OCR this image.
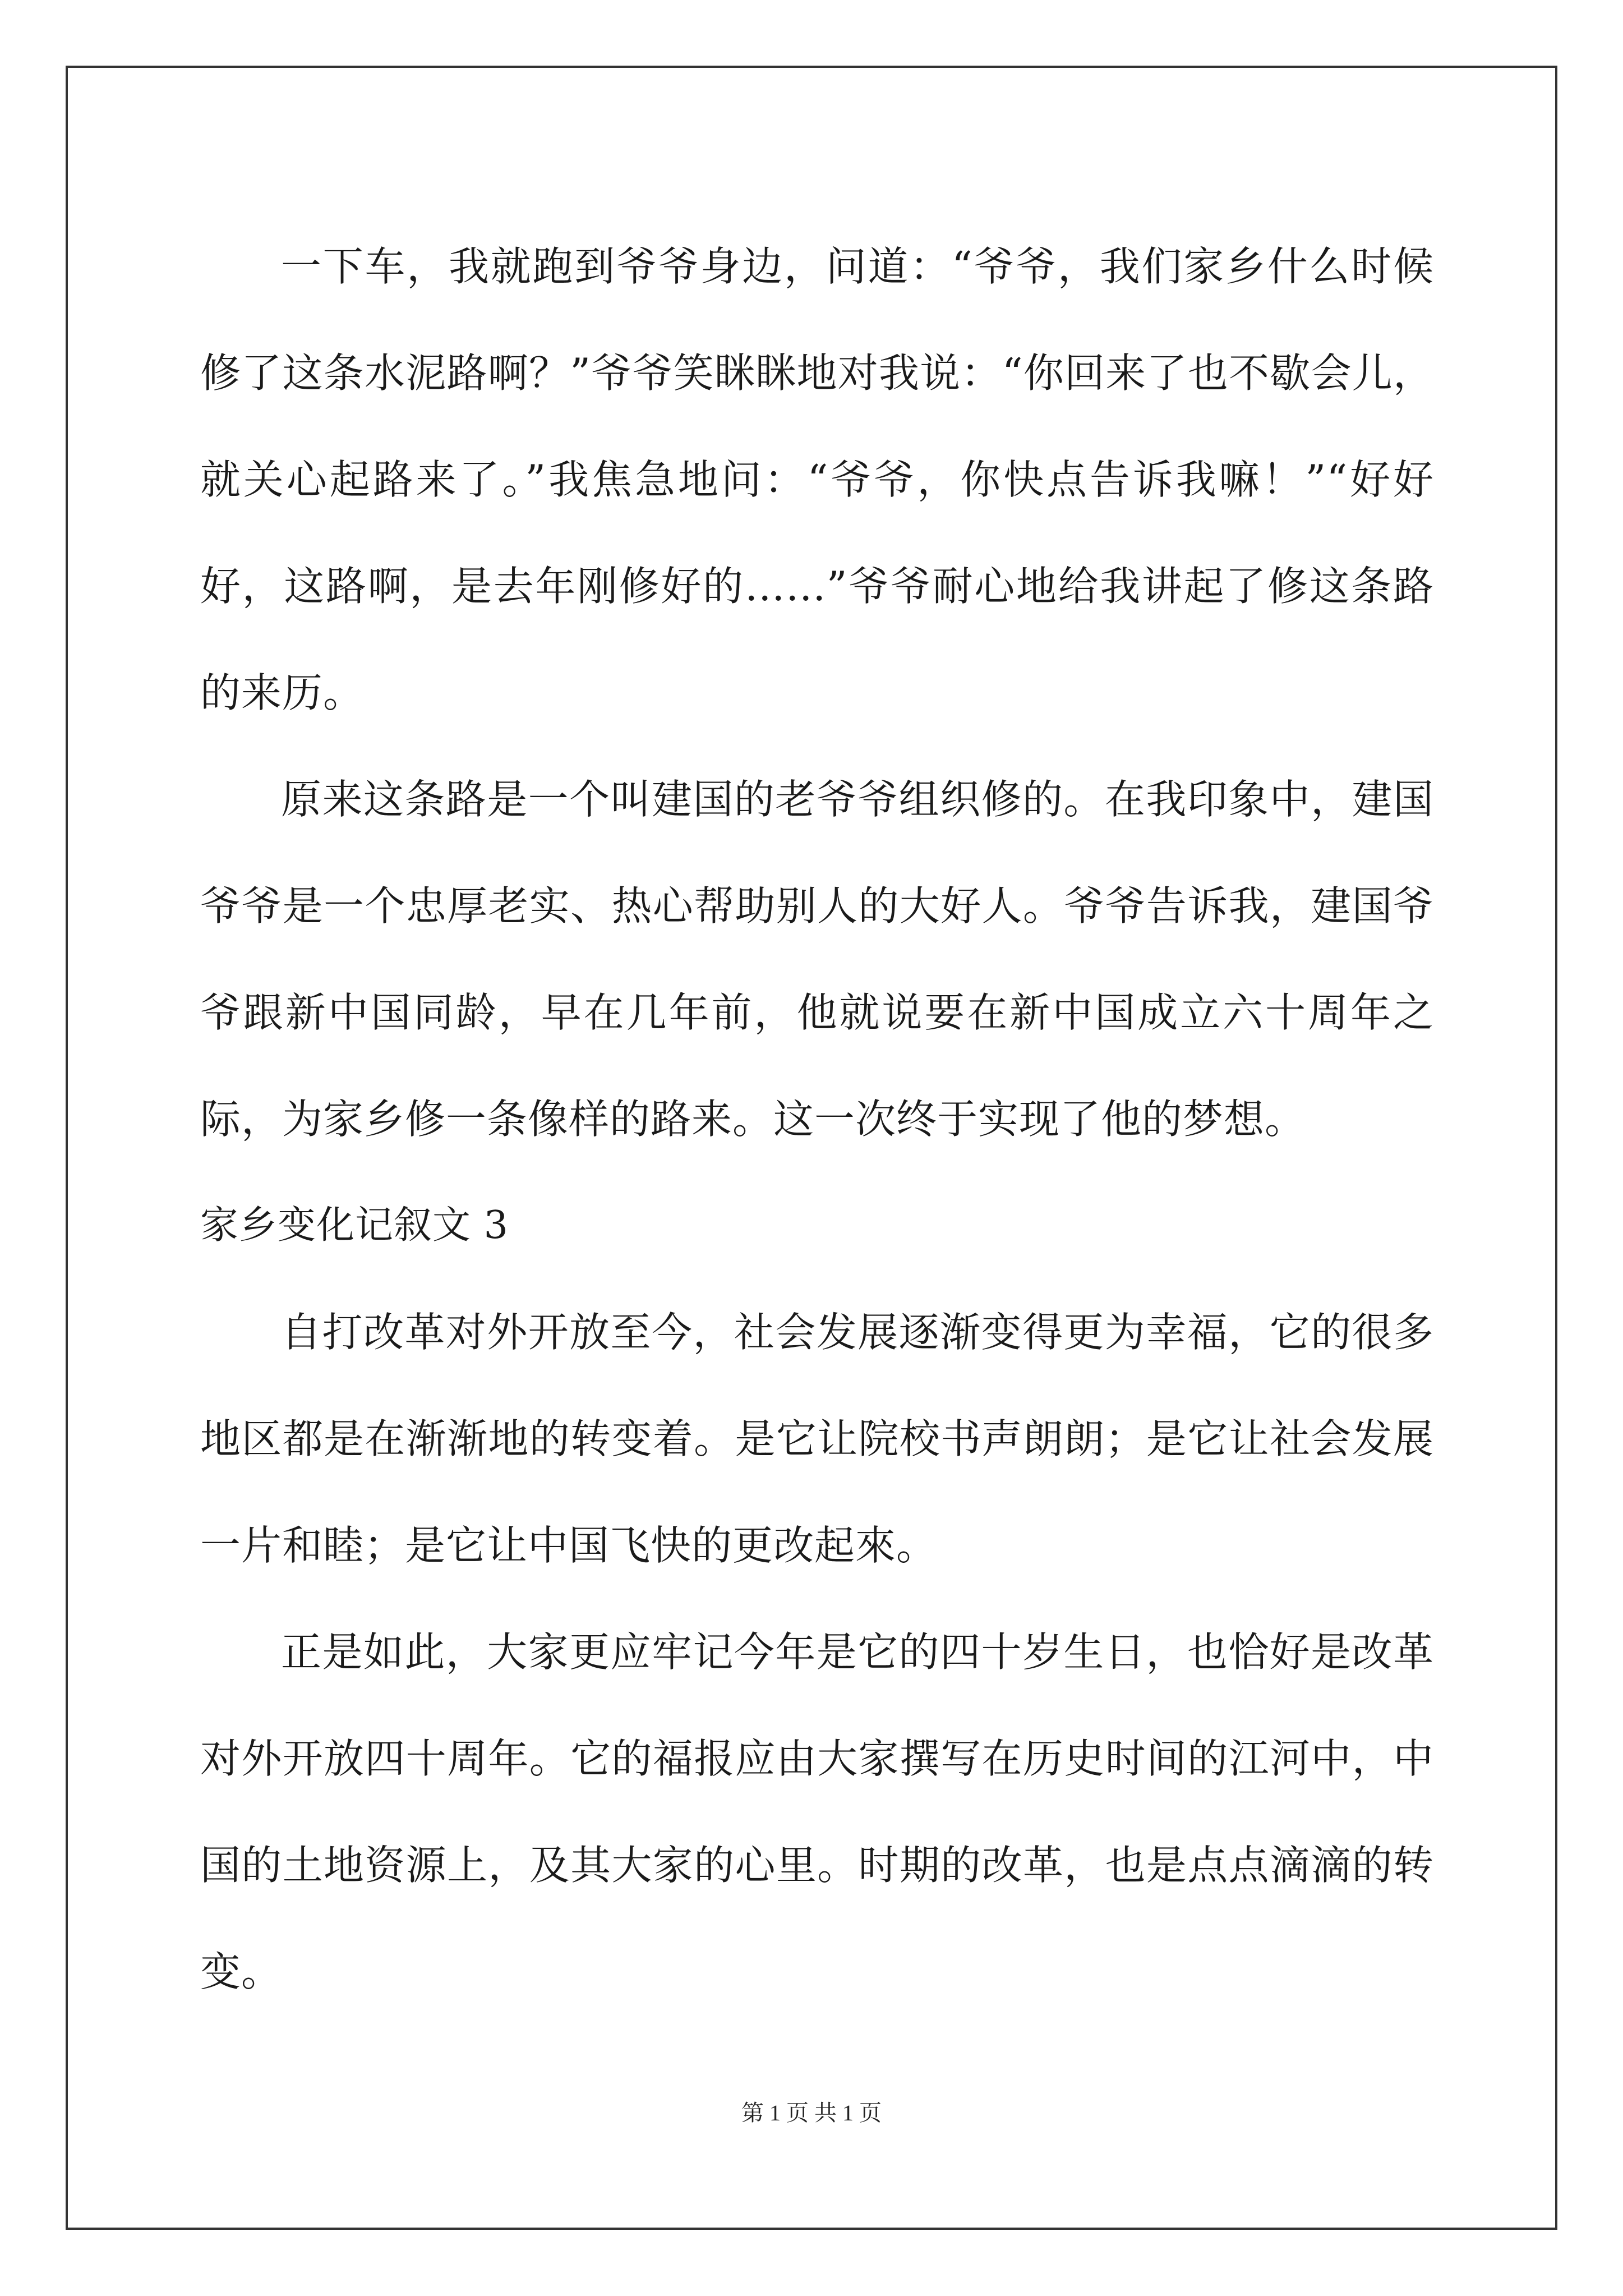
一下车，我就跑到爷爷身边，问道：“爷爷，我们家乡什么时候修了这条水泥路啊？”爷爷笑眯眯地对我说：“你回来了也不歇会儿，就关心起路来了。”我焦急地问：“爷爷，你快点告诉我嘛！”“好好好，这路啊，是去年刚修好的……”爷爷耐心地给我讲起了修这条路的来历。

原来这条路是一个叫建国的老爷爷组织修的。在我印象中，建国爷爷是一个忠厚老实、热心帮助别人的大好人。爷爷告诉我，建国爷爷跟新中国同龄，早在几年前，他就说要在新中国成立六十周年之际，为家乡修一条像样的路来。这一次终于实现了他的梦想。

家乡变化记叙文 3

自打改革对外开放至今，社会发展逐渐变得更为幸福，它的很多地区都是在渐渐地的转变着。是它让院校书声朗朗；是它让社会发展一片和睦；是它让中国飞快的更改起來。

正是如此，大家更应牢记今年是它的四十岁生日，也恰好是改革对外开放四十周年。它的福报应由大家撰写在历史时间的江河中，中国的土地资源上，及其大家的心里。时期的改革，也是点点滴滴的转变。

第 1 页 共 1 页
